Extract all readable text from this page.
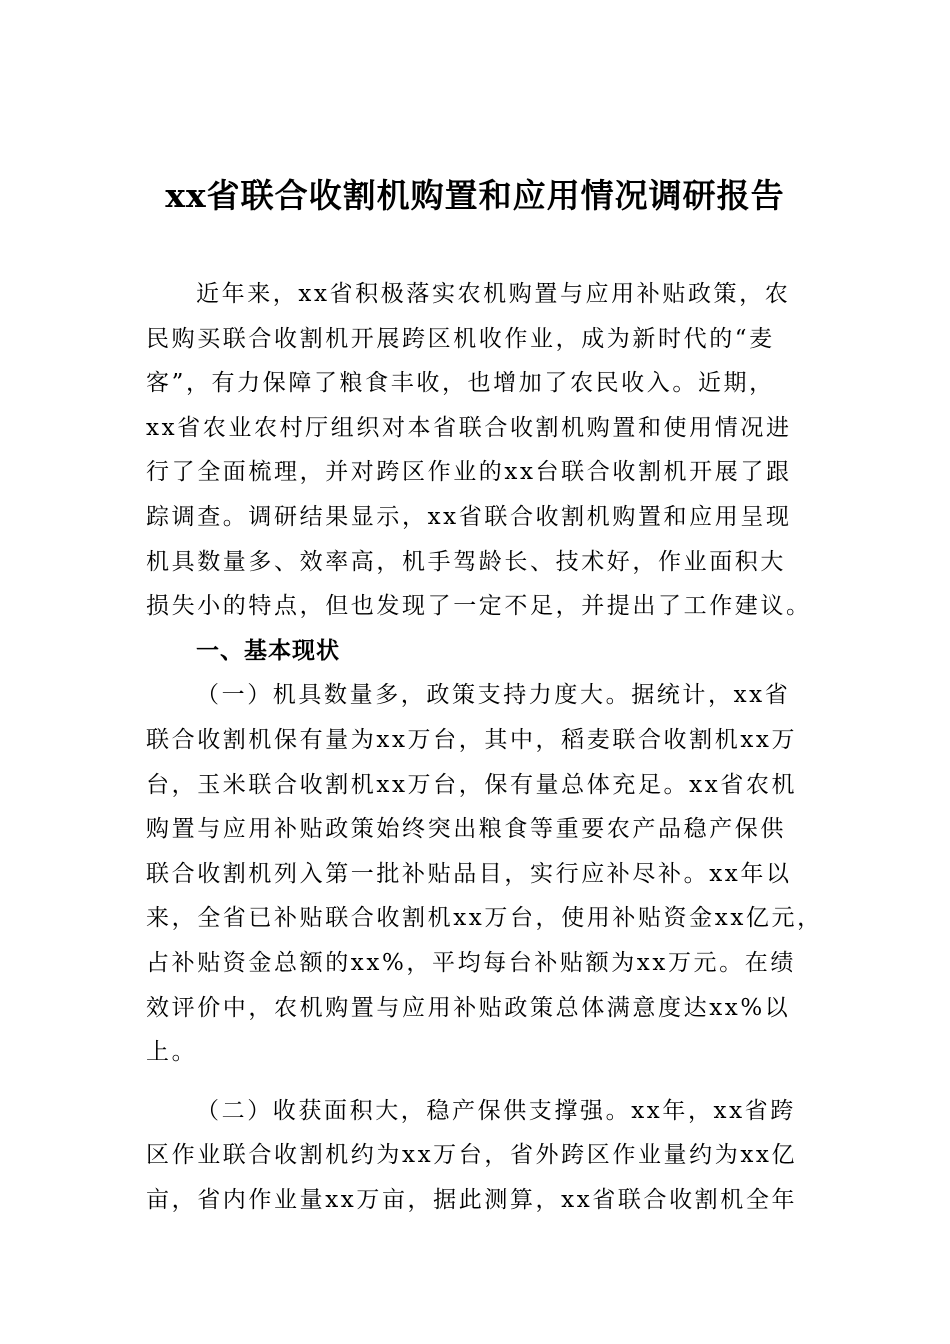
xx省联合收割机购置和应用情况调研报告
近年来，xx省积极落实农机购置与应用补贴政策，农
民购买联合收割机开展跨区机收作业，成为新时代的“麦
客”，有力保障了粮食丰收，也增加了农民收入。近期，
xx省农业农村厅组织对本省联合收割机购置和使用情况进
行了全面梳理，并对跨区作业的xx台联合收割机开展了跟
踪调查。调研结果显示，xx省联合收割机购置和应用呈现
机具数量多、效率高，机手驾龄长、技术好，作业面积大
损失小的特点，但也发现了一定不足，并提出了工作建议。
一、基本现状
（一）机具数量多，政策支持力度大。据统计，xx省
联合收割机保有量为xx万台，其中，稻麦联合收割机xx万
台，玉米联合收割机xx万台，保有量总体充足。xx省农机
购置与应用补贴政策始终突出粮食等重要农产品稳产保供
联合收割机列入第一批补贴品目，实行应补尽补。xx年以
来，全省已补贴联合收割机xx万台，使用补贴资金xx亿元，
占补贴资金总额的xx%，平均每台补贴额为xx万元。在绩
效评价中，农机购置与应用补贴政策总体满意度达xx%以
上。
（二）收获面积大，稳产保供支撑强。xx年，xx省跨
区作业联合收割机约为xx万台，省外跨区作业量约为xx亿
亩，省内作业量xx万亩，据此测算，xx省联合收割机全年
